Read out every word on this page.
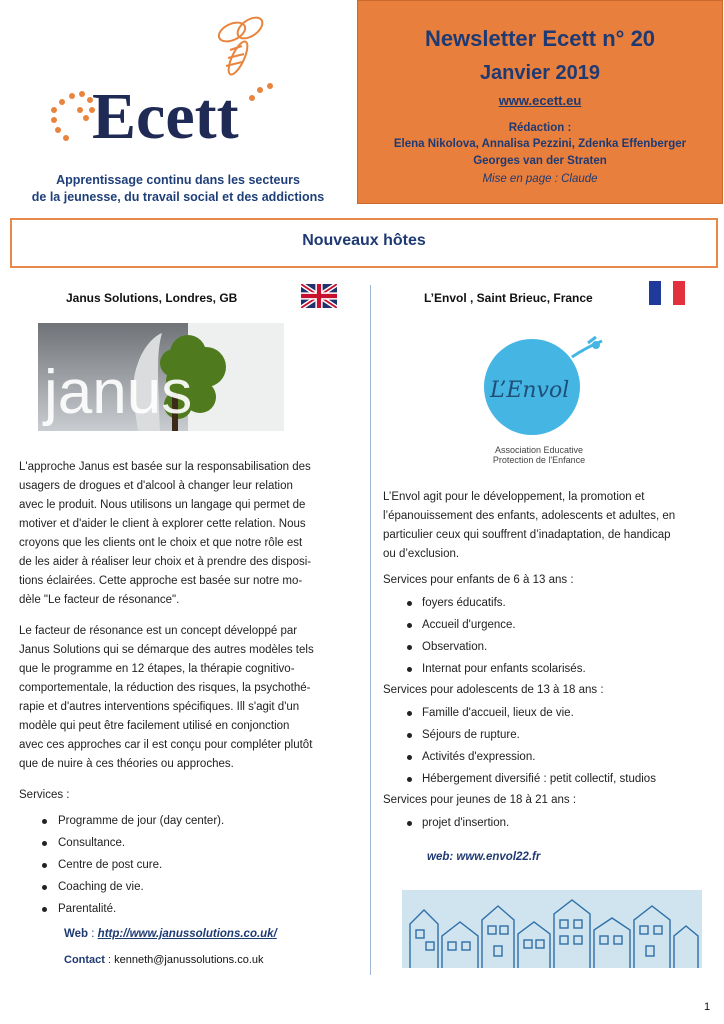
Ecett
Apprentissage continu dans les secteurs
de la jeunesse, du travail social et des addictions
Newsletter Ecett n° 20
Janvier 2019
www.ecett.eu
Rédaction :
Elena Nikolova, Annalisa Pezzini, Zdenka Effenberger
Georges van der Straten
Mise en page : Claude
Nouveaux hôtes
Janus Solutions, Londres, GB
janus
L'approche Janus est basée sur la responsabilisation des
usagers de drogues et d'alcool à changer leur relation
avec le produit. Nous utilisons un langage qui permet de
motiver et d'aider le client à explorer cette relation. Nous
croyons que les clients ont le choix et que notre rôle est
de les aider à réaliser leur choix et à prendre des disposi-
tions éclairées. Cette approche est basée sur notre mo-
dèle "Le facteur de résonance".
Le facteur de résonance est un concept développé par
Janus Solutions qui se démarque des autres modèles tels
que le programme en 12 étapes, la thérapie cognitivo-
comportementale, la réduction des risques, la psychothé-
rapie et d'autres interventions spécifiques. Ill s'agit d'un
modèle qui peut être facilement utilisé en conjonction
avec ces approches car il est conçu pour compléter plutôt
que de nuire à ces théories ou approches.
Services :
Programme de jour (day center).
Consultance.
Centre de post cure.
Coaching de vie.
Parentalité.
Web : http://www.janussolutions.co.uk/
Contact : kenneth@janussolutions.co.uk
L’Envol , Saint Brieuc, France
L’Envol
Association Educative
Protection de l'Enfance
L’Envol agit pour le développement, la promotion et
l’épanouissement des enfants, adolescents et adultes, en
particulier ceux qui souffrent d’inadaptation, de handicap
ou d’exclusion.
Services pour enfants de 6 à 13 ans :
foyers éducatifs.
Accueil d'urgence.
Observation.
Internat pour enfants scolarisés.
Services pour adolescents de 13 à 18 ans :
Famille d'accueil, lieux de vie.
Séjours de rupture.
Activités d'expression.
Hébergement diversifié : petit collectif, studios
Services pour jeunes de 18 à 21 ans :
projet d'insertion.
web: www.envol22.fr
1
